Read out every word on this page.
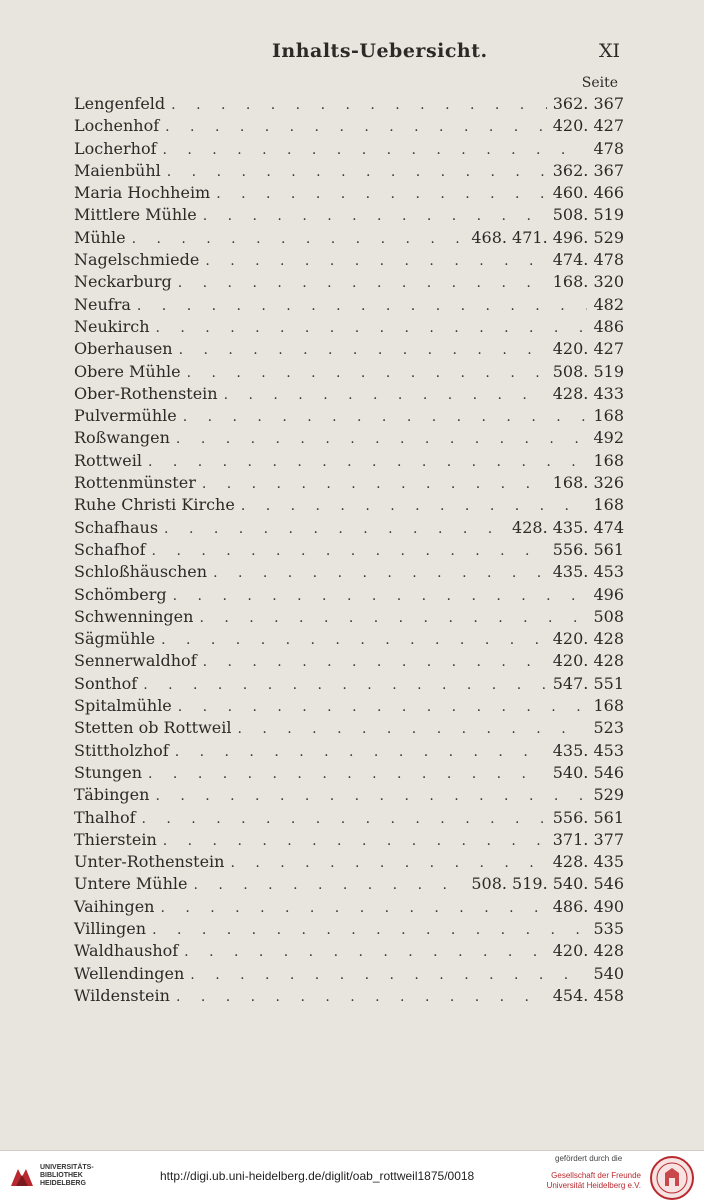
Inhalts-Uebersicht.	XI
Seite
Lengenfeld . . .	362. 367
Lochenhof . . .	420. 427
Locherhof . . .	478
Maienbühl . . .	362. 367
Maria Hochheim . . .	460. 466
Mittlere Mühle . . .	508. 519
Mühle . . .	468. 471. 496. 529
Nagelschmiede . . .	474. 478
Neckarburg . . .	168. 320
Neufra . . .	482
Neukirch . . .	486
Oberhausen . . .	420. 427
Obere Mühle . . .	508. 519
Ober-Rothenstein . . .	428. 433
Pulvermühle . . .	168
Roßwangen . . .	492
Rottweil . . .	168
Rottenmünster . . .	168. 326
Ruhe Christi Kirche . . .	168
Schafhaus . . .	428. 435. 474
Schafhof . . .	556. 561
Schloßhäuschen . . .	435. 453
Schömberg . . .	496
Schwenningen . . .	508
Sägmühle . . .	420. 428
Sennerwaldhof . . .	420. 428
Sonthof . . .	547. 551
Spitalmühle . . .	168
Stetten ob Rottweil . . .	523
Stittholzhof . . .	435. 453
Stungen . . .	540. 546
Täbingen . . .	529
Thalhof . . .	556. 561
Thierstein . . .	371. 377
Unter-Rothenstein . . .	428. 435
Untere Mühle . . .	508. 519. 540. 546
Vaihingen . . .	486. 490
Villingen . . .	535
Waldhaushof . . .	420. 428
Wellendingen . . .	540
Wildenstein . . .	454. 458
UNIVERSITÄTS-
BIBLIOTHEK
HEIDELBERG
http://digi.ub.uni-heidelberg.de/diglit/oab_rottweil1875/0018
gefördert durch die
Gesellschaft der Freunde
Universität Heidelberg e.V.
